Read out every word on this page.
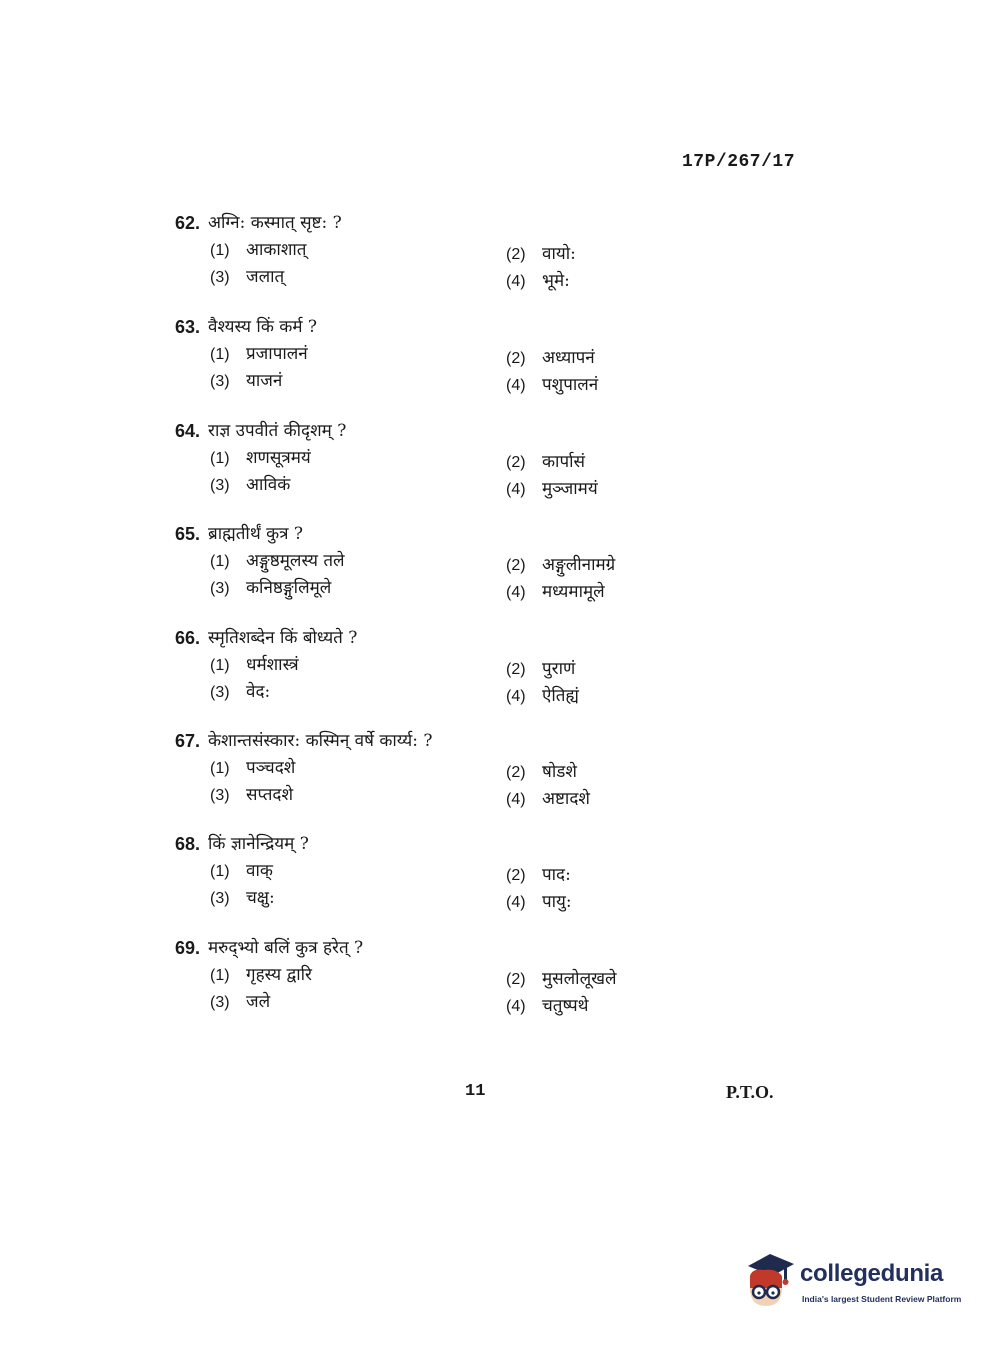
17P/267/17
62. अग्नि: कस्मात् सृष्ट: ?
(1) आकाशात्	(2) वायो:
(3) जलात्	(4) भूमे:
63. वैश्यस्य किं कर्म ?
(1) प्रजापालनं	(2) अध्यापनं
(3) याजनं	(4) पशुपालनं
64. राज्ञ उपवीतं कीदृशम् ?
(1) शणसूत्रमयं	(2) कार्पासं
(3) आविकं	(4) मुञ्जामयं
65. ब्राह्मतीर्थं कुत्र ?
(1) अङ्गुष्ठमूलस्य तले	(2) अङ्गुलीनामग्रे
(3) कनिष्ठङ्गुलिमूले	(4) मध्यमामूले
66. स्मृतिशब्देन किं बोध्यते ?
(1) धर्मशास्त्रं	(2) पुराणं
(3) वेद:	(4) ऐतिह्यं
67. केशान्तसंस्कार: कस्मिन् वर्षे कार्य्य: ?
(1) पञ्चदशे	(2) षोडशे
(3) सप्तदशे	(4) अष्टादशे
68. किं ज्ञानेन्द्रियम् ?
(1) वाक्	(2) पाद:
(3) चक्षु:	(4) पायु:
69. मरुद्भ्यो बलिं कुत्र हरेत् ?
(1) गृहस्य द्वारि	(2) मुसलोलूखले
(3) जले	(4) चतुष्पथे
11	P.T.O.
collegedunia
India's largest Student Review Platform
